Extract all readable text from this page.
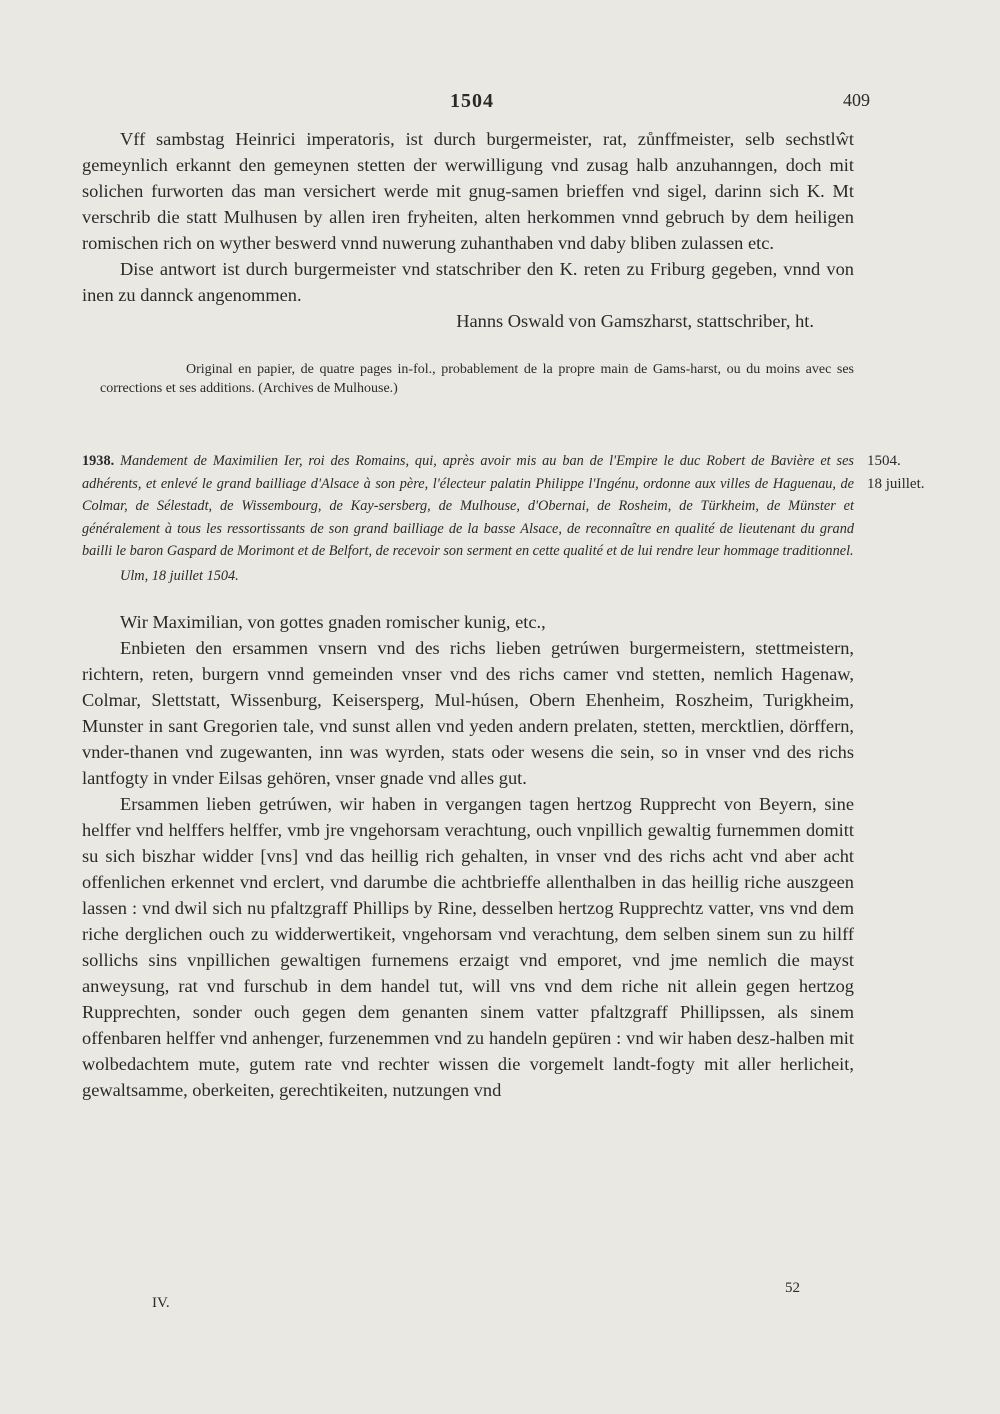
1504	409

Vff sambstag Heinrici imperatoris, ist durch burgermeister, rat, zůnffmeister, selb sechstlŵt gemeynlich erkannt den gemeynen stetten der werwilligung vnd zusag halb anzuhanngen, doch mit solichen furworten das man versichert werde mit gnug-samen brieffen vnd sigel, darinn sich K. Mt verschrib die statt Mulhusen by allen iren fryheiten, alten herkommen vnnd gebruch by dem heiligen romischen rich on wyther beswerd vnnd nuwerung zuhanthaben vnd daby bliben zulassen etc.

Dise antwort ist durch burgermeister vnd statschriber den K. reten zu Friburg gegeben, vnnd von inen zu dannck angenommen.

Hanns Oswald von Gamszharst, stattschriber, ht.

Original en papier, de quatre pages in-fol., probablement de la propre main de Gams-harst, ou du moins avec ses corrections et ses additions. (Archives de Mulhouse.)

1938. Mandement de Maximilien Ier, roi des Romains, qui, après avoir mis au ban de l'Empire le duc Robert de Bavière et ses adhérents, et enlevé le grand bailliage d'Alsace à son père, l'électeur palatin Philippe l'Ingénu, ordonne aux villes de Haguenau, de Colmar, de Sélestadt, de Wissembourg, de Kay-sersberg, de Mulhouse, d'Obernai, de Rosheim, de Türkheim, de Münster et généralement à tous les ressortissants de son grand bailliage de la basse Alsace, de reconnaître en qualité de lieutenant du grand bailli le baron Gaspard de Morimont et de Belfort, de recevoir son serment en cette qualité et de lui rendre leur hommage traditionnel.

Ulm, 18 juillet 1504.

1504.
18 juillet.

Wir Maximilian, von gottes gnaden romischer kunig, etc.,

Enbieten den ersammen vnsern vnd des richs lieben getrúwen burgermeistern, stettmeistern, richtern, reten, burgern vnnd gemeinden vnser vnd des richs camer vnd stetten, nemlich Hagenaw, Colmar, Slettstatt, Wissenburg, Keisersperg, Mul-húsen, Obern Ehenheim, Roszheim, Turigkheim, Munster in sant Gregorien tale, vnd sunst allen vnd yeden andern prelaten, stetten, mercktlien, dörffern, vnder-thanen vnd zugewanten, inn was wyrden, stats oder wesens die sein, so in vnser vnd des richs lantfogty in vnder Eilsas gehören, vnser gnade vnd alles gut.

Ersammen lieben getrúwen, wir haben in vergangen tagen hertzog Rupprecht von Beyern, sine helffer vnd helffers helffer, vmb jre vngehorsam verachtung, ouch vnpillich gewaltig furnemmen domitt su sich biszhar widder [vns] vnd das heillig rich gehalten, in vnser vnd des richs acht vnd aber acht offenlichen erkennet vnd erclert, vnd darumbe die achtbrieffe allenthalben in das heillig riche auszgeen lassen : vnd dwil sich nu pfaltzgraff Phillips by Rine, desselben hertzog Rupprechtz vatter, vns vnd dem riche derglichen ouch zu widderwertikeit, vngehorsam vnd verachtung, dem selben sinem sun zu hilff sollichs sins vnpillichen gewaltigen furnemens erzaigt vnd emporet, vnd jme nemlich die mayst anweysung, rat vnd furschub in dem handel tut, will vns vnd dem riche nit allein gegen hertzog Rupprechten, sonder ouch gegen dem genanten sinem vatter pfaltzgraff Phillipssen, als sinem offenbaren helffer vnd anhenger, furzenemmen vnd zu handeln gepüren : vnd wir haben desz-halben mit wolbedachtem mute, gutem rate vnd rechter wissen die vorgemelt landt-fogty mit aller herlicheit, gewaltsamme, oberkeiten, gerechtikeiten, nutzungen vnd

IV.
52
